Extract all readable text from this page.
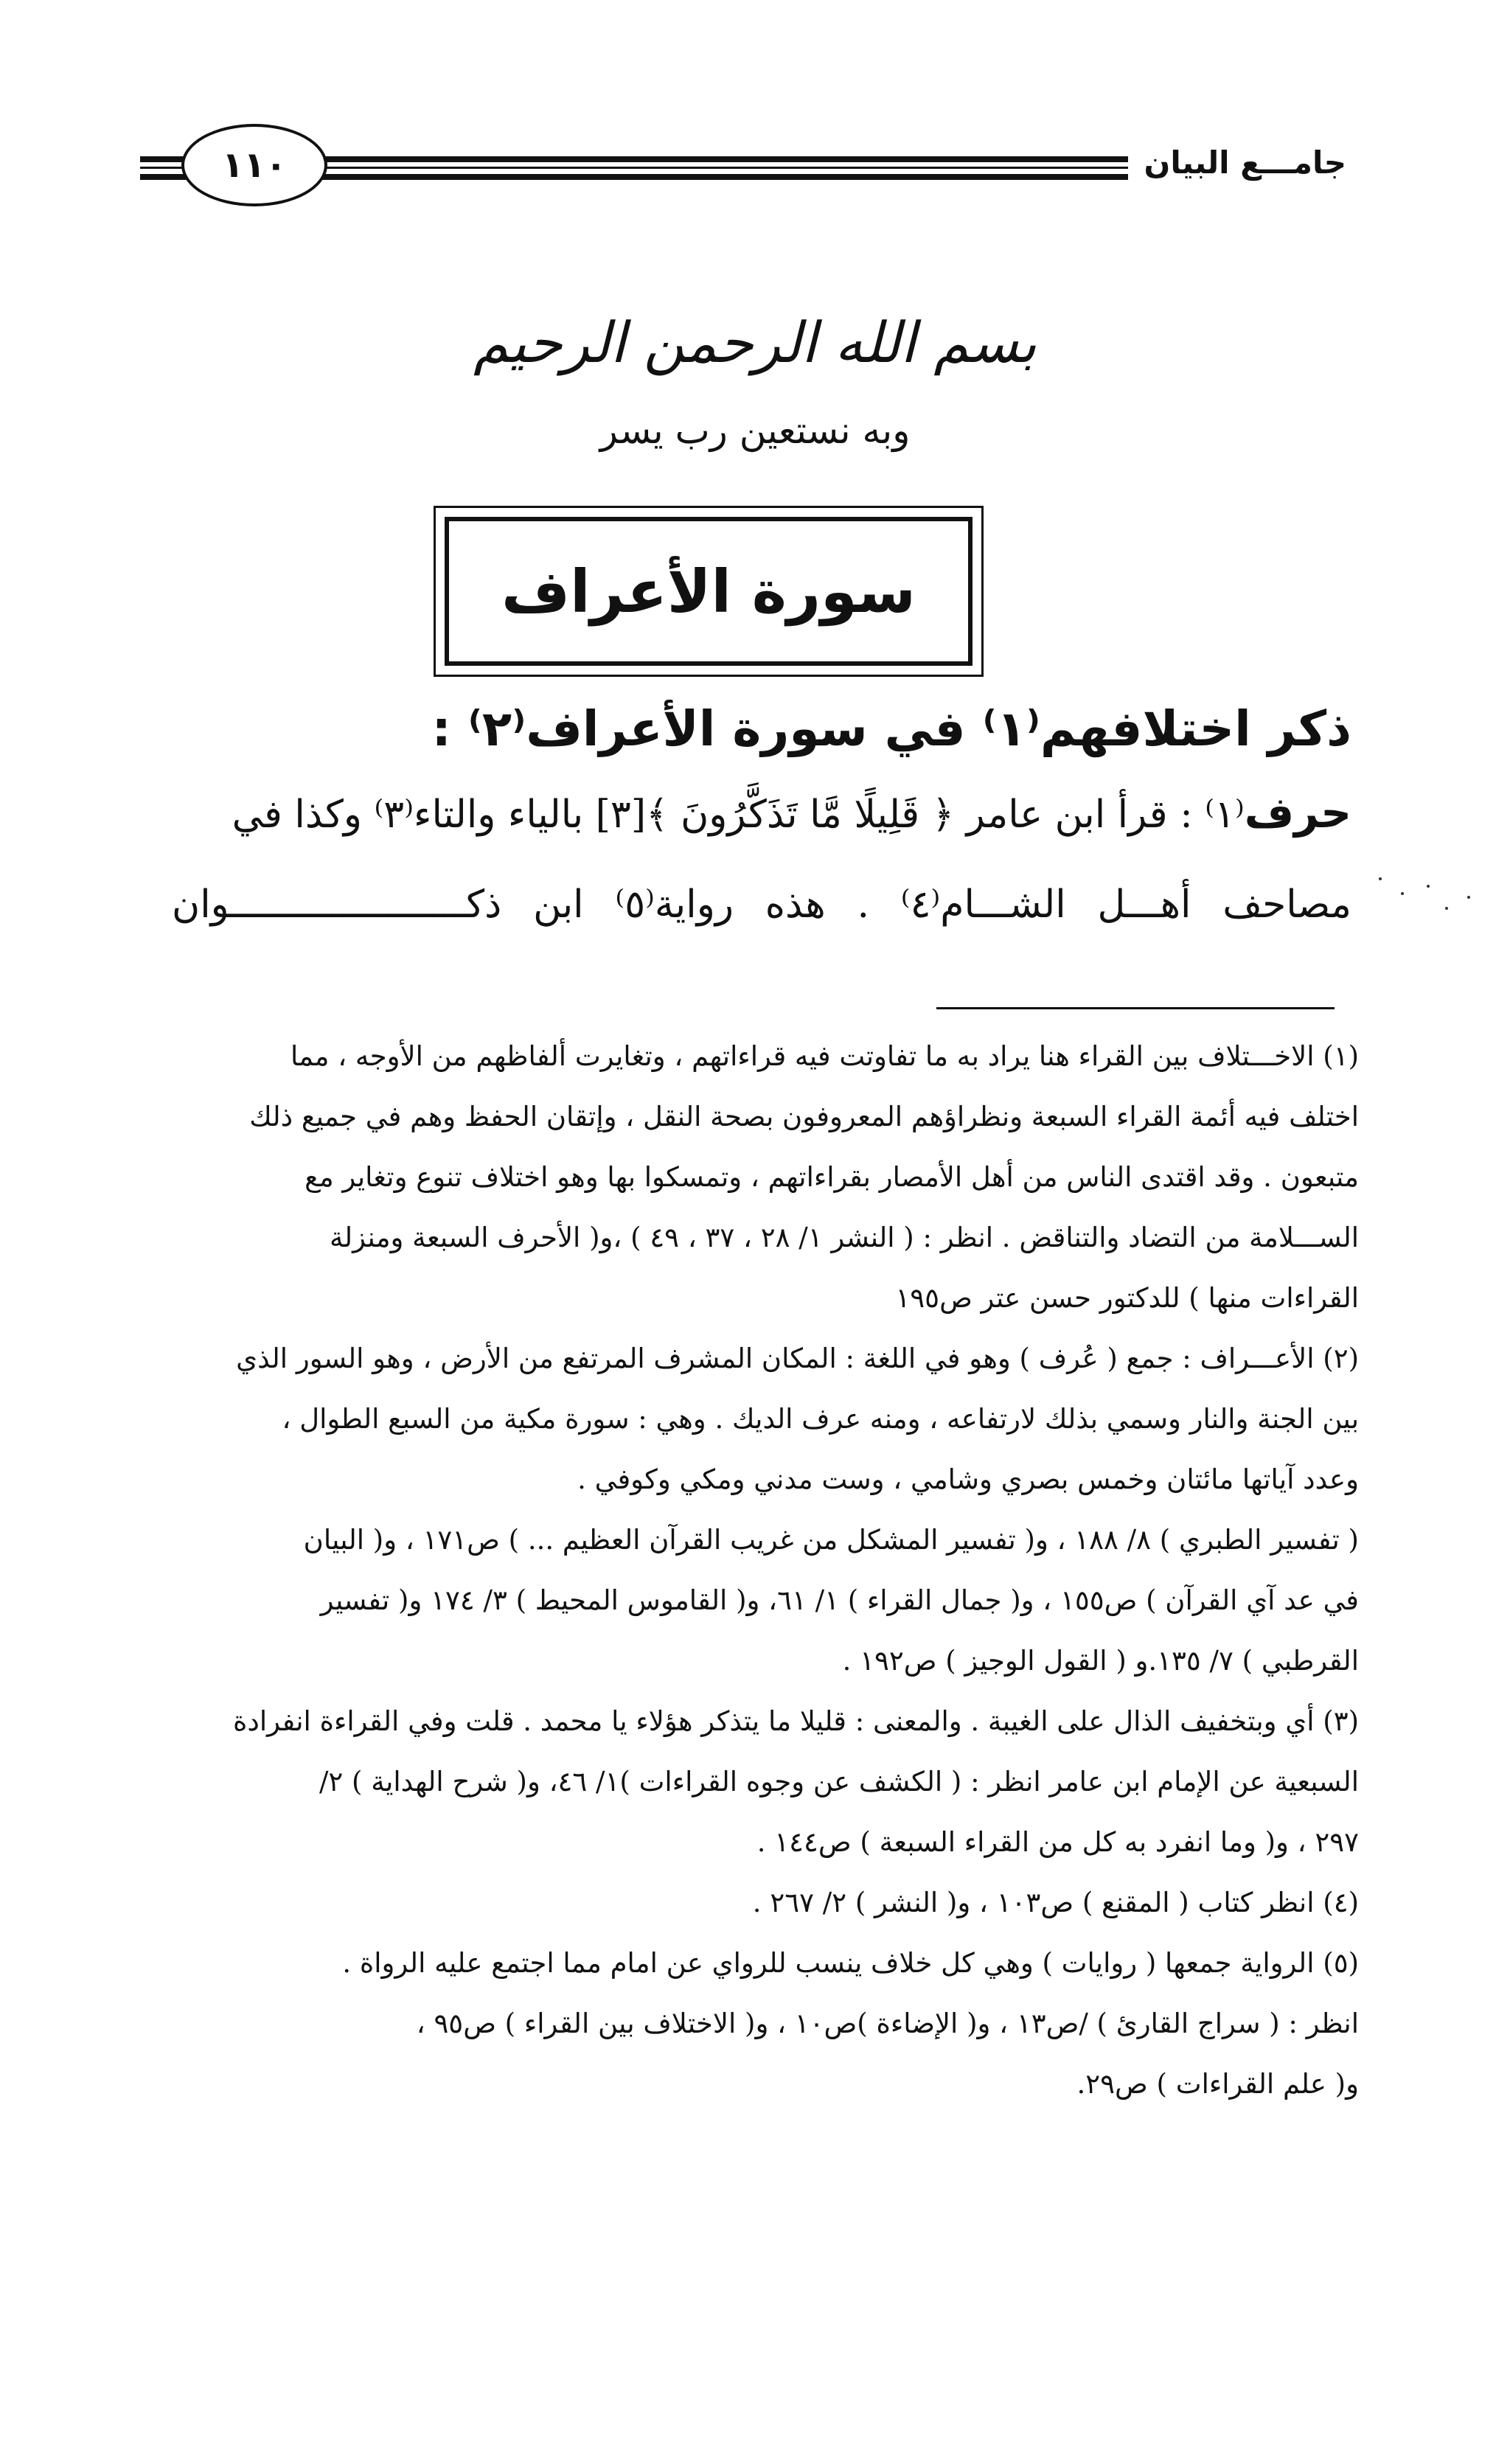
١١٠	جامـــع البيان
بسم الله الرحمن الرحيم
وبه نستعين رب يسر
سورة الأعراف
ذكر اختلافهم⁽١⁾ في سورة الأعراف⁽٢⁾ :
حرف⁽١⁾ : قرأ ابن عامر ﴿ قَلِيلًا مَّا تَذَكَّرُونَ ﴾[٣] بالياء والتاء⁽٣⁾ وكذا في
مصاحف أهـــل الشـــام⁽٤⁾ . هذه رواية⁽٥⁾ ابن ذكـــــــــــــــــــــوان
(١) الاخـــتلاف بين القراء هنا يراد به ما تفاوتت فيه قراءاتهم ، وتغايرت ألفاظهم من الأوجه ، مما
اختلف فيه أئمة القراء السبعة ونظراؤهم المعروفون بصحة النقل ، وإتقان الحفظ وهم في جميع ذلك
متبعون . وقد اقتدى الناس من أهل الأمصار بقراءاتهم ، وتمسكوا بها وهو اختلاف تنوع وتغاير مع
الســـلامة من التضاد والتناقض . انظر : ( النشر ١/ ٢٨ ، ٣٧ ، ٤٩ ) ،و( الأحرف السبعة ومنزلة
القراءات منها ) للدكتور حسن عتر ص١٩٥
(٢) الأعـــراف : جمع ( عُرف ) وهو في اللغة : المكان المشرف المرتفع من الأرض ، وهو السور الذي
بين الجنة والنار وسمي بذلك لارتفاعه ، ومنه عرف الديك . وهي : سورة مكية من السبع الطوال ،
وعدد آياتها مائتان وخمس بصري وشامي ، وست مدني ومكي وكوفي .
( تفسير الطبري ) ٨/ ١٨٨ ، و( تفسير المشكل من غريب القرآن العظيم ... ) ص١٧١ ، و( البيان
في عد آي القرآن ) ص١٥٥ ، و( جمال القراء ) ١/ ٦١، و( القاموس المحيط ) ٣/ ١٧٤ و( تفسير
القرطبي ) ٧/ ١٣٥.و ( القول الوجيز ) ص١٩٢ .
(٣) أي وبتخفيف الذال على الغيبة . والمعنى : قليلا ما يتذكر هؤلاء يا محمد . قلت وفي القراءة انفرادة
السبعية عن الإمام ابن عامر انظر : ( الكشف عن وجوه القراءات )١/ ٤٦، و( شرح الهداية ) ٢/
٢٩٧ ، و( وما انفرد به كل من القراء السبعة ) ص١٤٤ .
(٤) انظر كتاب ( المقنع ) ص١٠٣ ، و( النشر ) ٢/ ٢٦٧ .
(٥) الرواية جمعها ( روايات ) وهي كل خلاف ينسب للرواي عن امام مما اجتمع عليه الرواة .
انظر : ( سراج القارئ ) /ص١٣ ، و( الإضاءة )ص١٠ ، و( الاختلاف بين القراء ) ص٩٥ ،
و( علم القراءات ) ص٢٩.
